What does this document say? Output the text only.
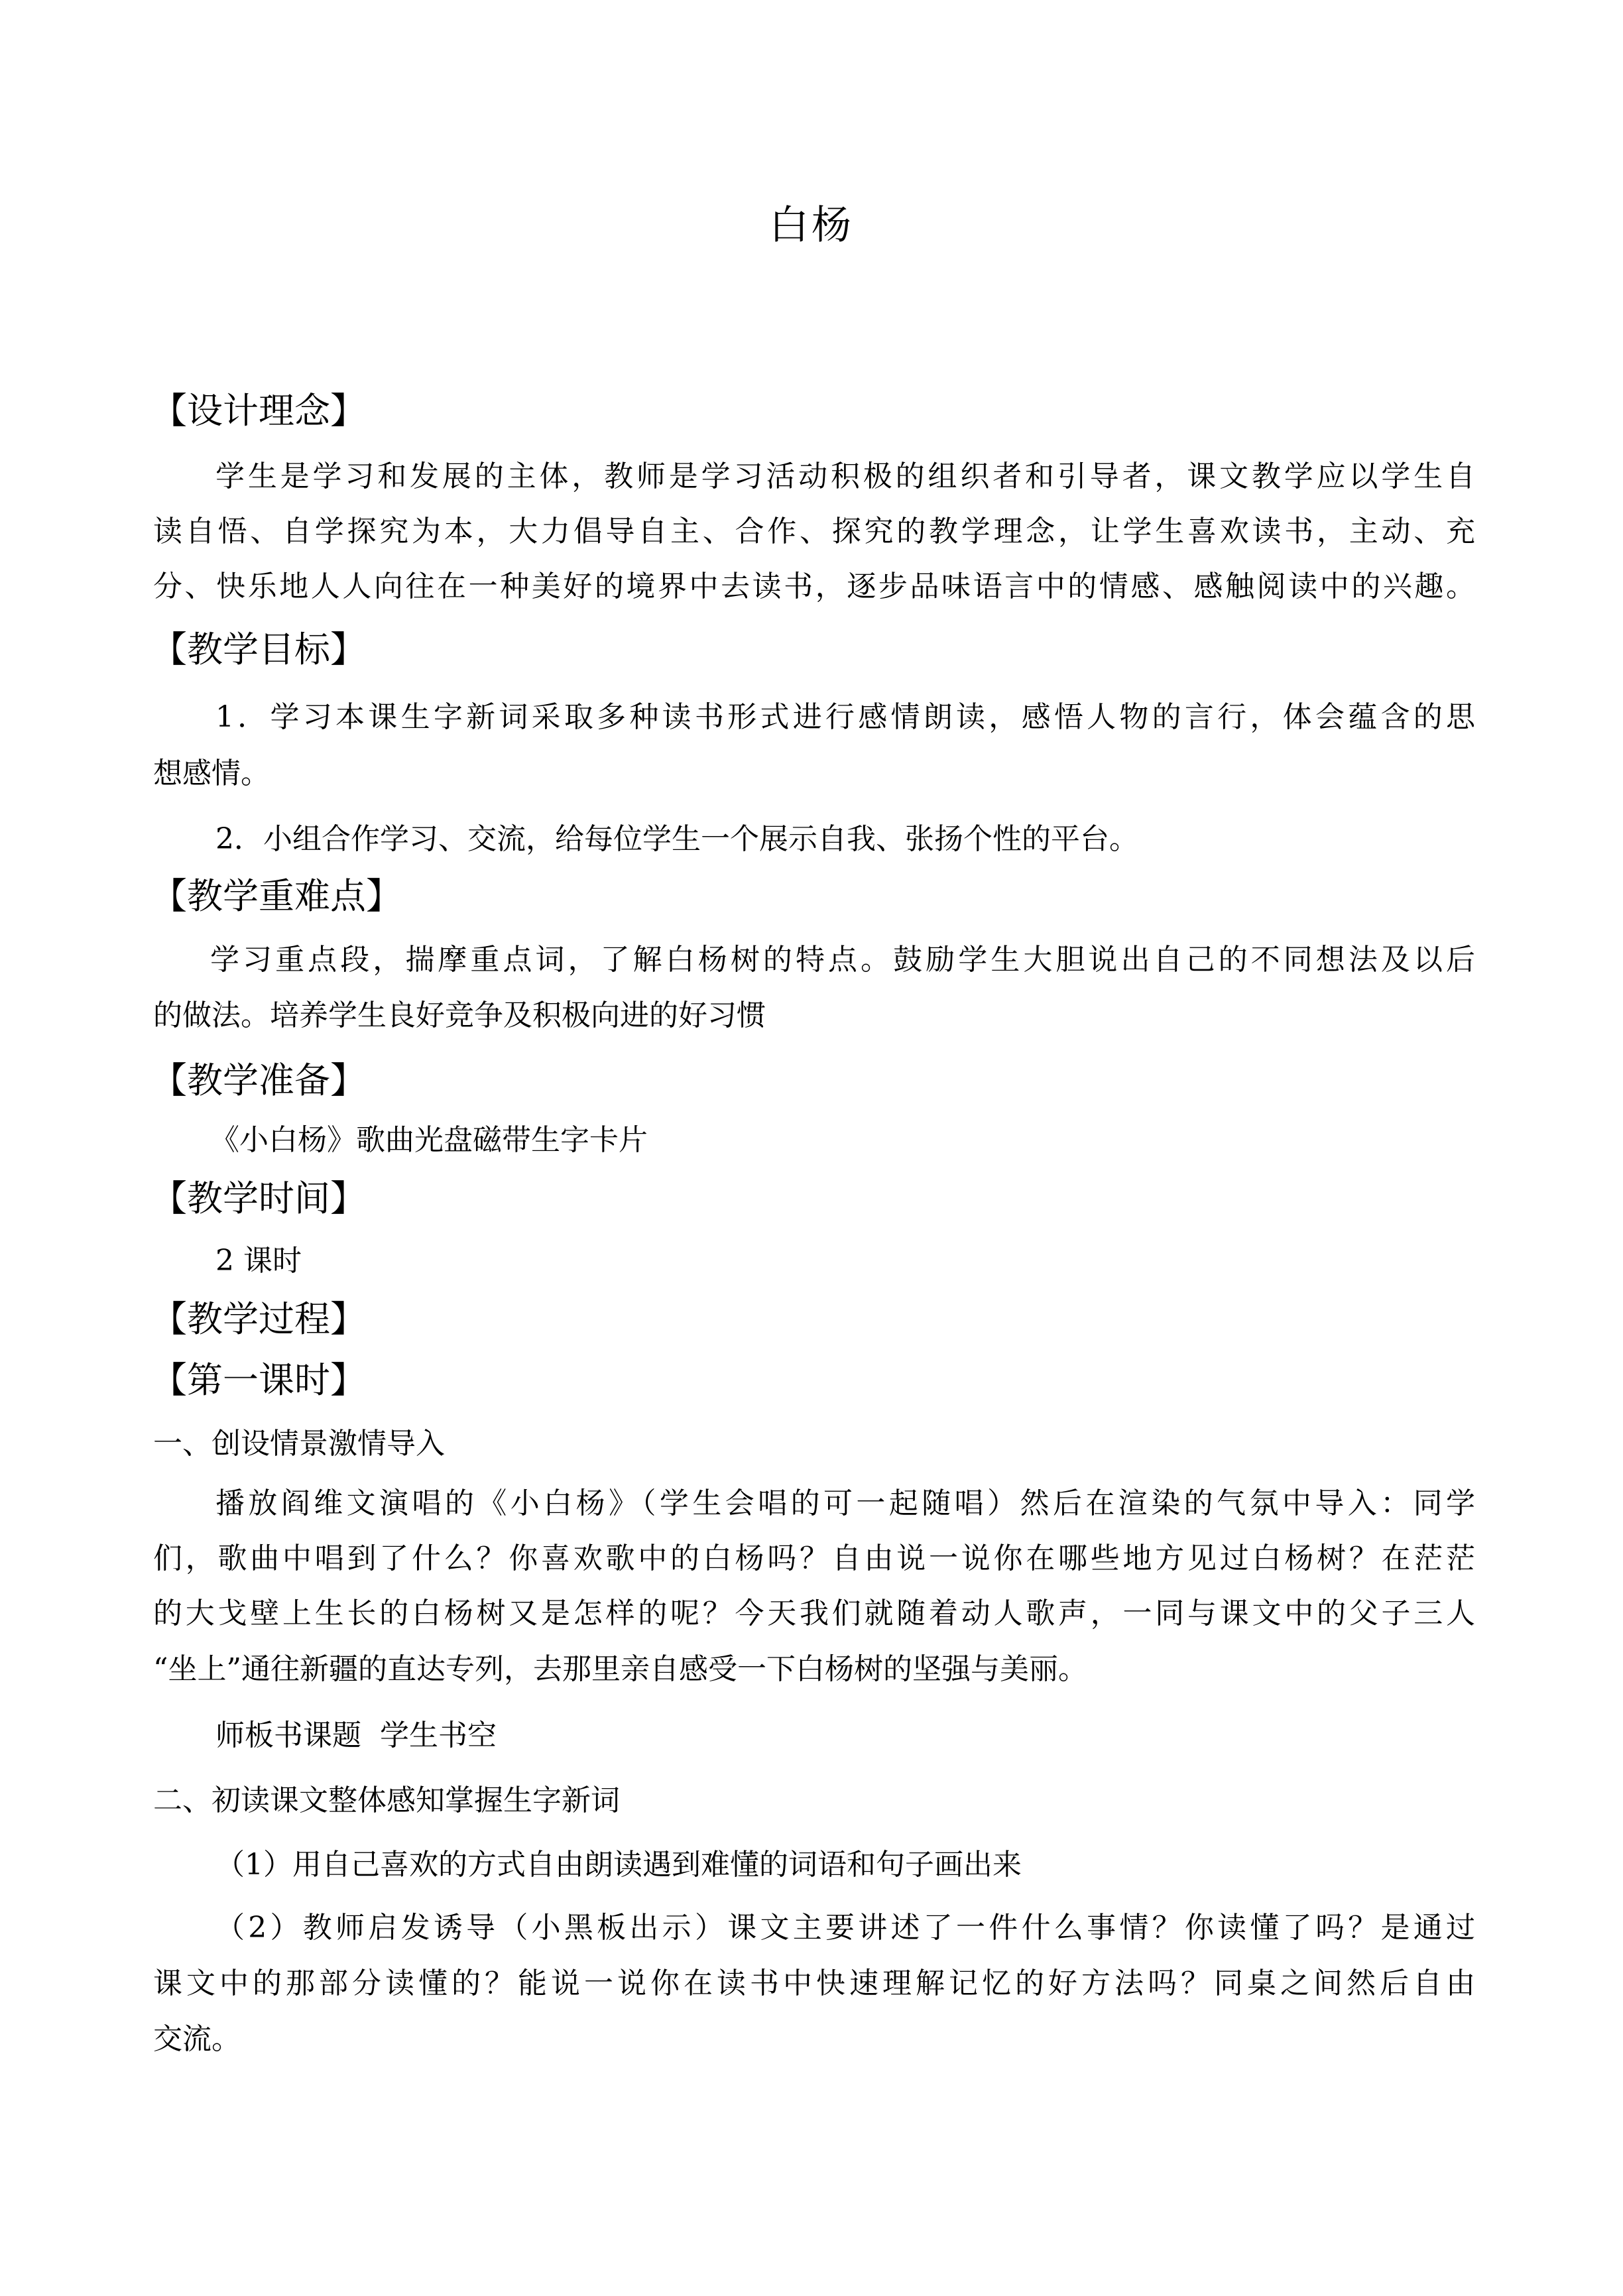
白杨
【设计理念】
学生是学习和发展的主体，教师是学习活动积极的组织者和引导者，课文教学应以学生自
读自悟、自学探究为本，大力倡导自主、合作、探究的教学理念，让学生喜欢读书，主动、充
分、快乐地人人向往在一种美好的境界中去读书，逐步品味语言中的情感、感触阅读中的兴趣。
【教学目标】
1．学习本课生字新词采取多种读书形式进行感情朗读，感悟人物的言行，体会蕴含的思
想感情。
2．小组合作学习、交流，给每位学生一个展示自我、张扬个性的平台。
【教学重难点】
学习重点段，揣摩重点词，了解白杨树的特点。鼓励学生大胆说出自己的不同想法及以后
的做法。培养学生良好竞争及积极向进的好习惯
【教学准备】
《小白杨》歌曲光盘磁带生字卡片
【教学时间】
2 课时
【教学过程】
【第一课时】
一、创设情景激情导入
播放阎维文演唱的《小白杨》（学生会唱的可一起随唱）然后在渲染的气氛中导入：同学
们，歌曲中唱到了什么？你喜欢歌中的白杨吗？自由说一说你在哪些地方见过白杨树？在茫茫
的大戈壁上生长的白杨树又是怎样的呢？今天我们就随着动人歌声，一同与课文中的父子三人
“坐上”通往新疆的直达专列，去那里亲自感受一下白杨树的坚强与美丽。
师板书课题  学生书空
二、初读课文整体感知掌握生字新词
（1）用自己喜欢的方式自由朗读遇到难懂的词语和句子画出来
（2）教师启发诱导（小黑板出示）课文主要讲述了一件什么事情？你读懂了吗？是通过
课文中的那部分读懂的？能说一说你在读书中快速理解记忆的好方法吗？同桌之间然后自由
交流。
